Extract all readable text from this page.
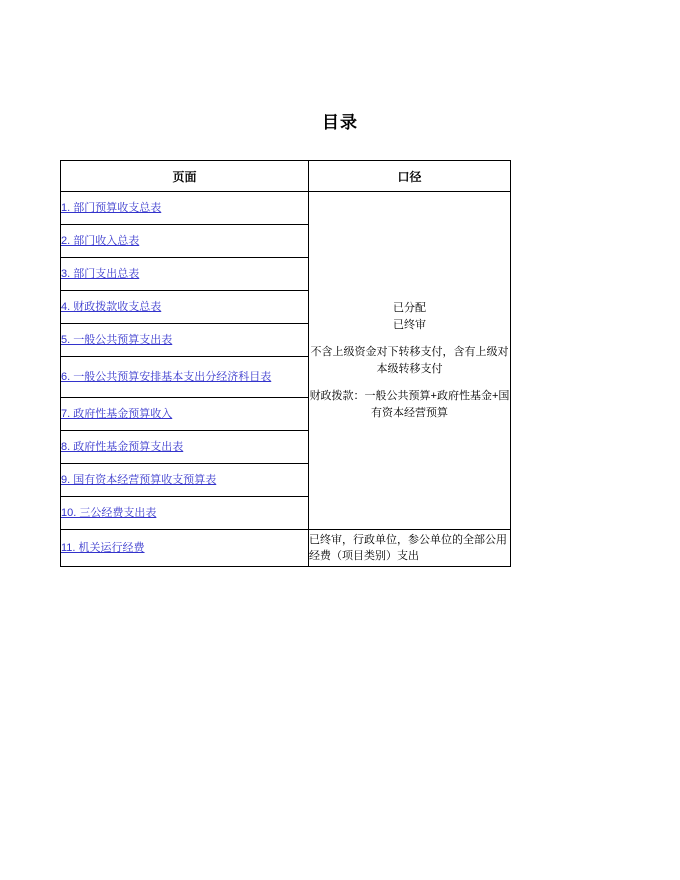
目录
页面	口径
1. 部门预算收支总表	已分配
已终审
不含上级资金对下转移支付，含有上级对本级转移支付
财政拨款：一般公共预算+政府性基金+国有资本经营预算

2. 部门收入总表	
3. 部门支出总表	
4. 财政拨款收支总表	
5. 一般公共预算支出表	
6. 一般公共预算安排基本支出分经济科目表	
7. 政府性基金预算收入	
8. 政府性基金预算支出表	
9. 国有资本经营预算收支预算表	
10. 三公经费支出表	
11. 机关运行经费	已终审，行政单位，参公单位的全部公用经费（项目类别）支出
